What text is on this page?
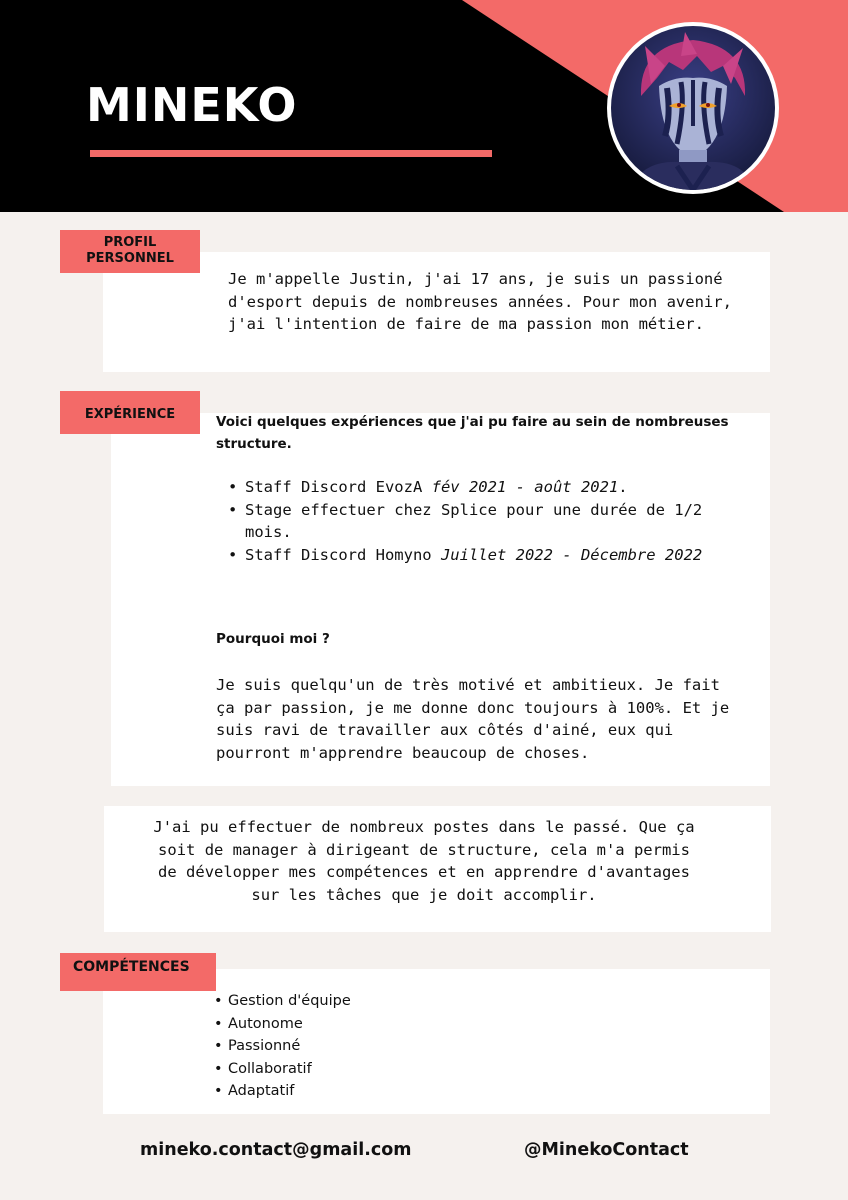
MINEKO
PROFIL
PERSONNEL

Je m'appelle Justin, j'ai 17 ans, je suis un passioné d'esport depuis de nombreuses années. Pour mon avenir, j'ai l'intention de faire de ma passion mon métier.

EXPÉRIENCE	Voici quelques expériences que j'ai pu faire au sein de nombreuses structure.

• Staff Discord EvozA fév 2021 - août 2021.
• Stage effectuer chez Splice pour une durée de 1/2 mois.
• Staff Discord Homyno Juillet 2022 - Décembre 2022

Pourquoi moi ?

Je suis quelqu'un de très motivé et ambitieux. Je fait ça par passion, je me donne donc toujours à 100%. Et je suis ravi de travailler aux côtés d'ainé, eux qui pourront m'apprendre beaucoup de choses.

J'ai pu effectuer de nombreux postes dans le passé. Que ça soit de manager à dirigeant de structure, cela m'a permis de développer mes compétences et en apprendre d'avantages sur les tâches que je doit accomplir.

COMPÉTENCES
• Gestion d'équipe
• Autonome
• Passionné
• Collaboratif
• Adaptatif

mineko.contact@gmail.com	@MinekoContact
